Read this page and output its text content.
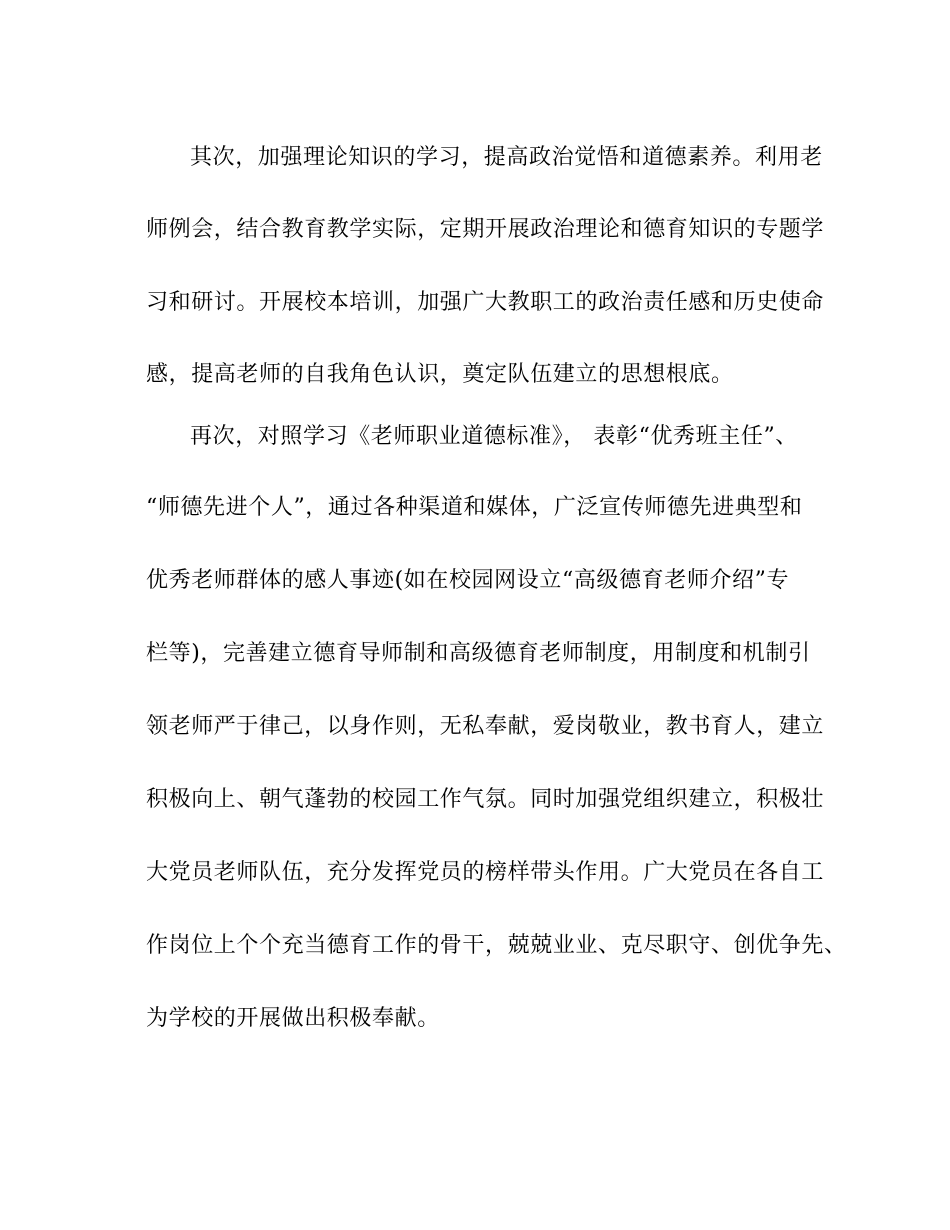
其次，加强理论知识的学习，提高政治觉悟和道德素养。利用老
师例会，结合教育教学实际，定期开展政治理论和德育知识的专题学
习和研讨。开展校本培训，加强广大教职工的政治责任感和历史使命
感，提高老师的自我角色认识，奠定队伍建立的思想根底。
再次，对照学习《老师职业道德标准》， 表彰“优秀班主任”、
“师德先进个人”，通过各种渠道和媒体，广泛宣传师德先进典型和
优秀老师群体的感人事迹(如在校园网设立“高级德育老师介绍”专
栏等)，完善建立德育导师制和高级德育老师制度，用制度和机制引
领老师严于律己，以身作则，无私奉献，爱岗敬业，教书育人，建立
积极向上、朝气蓬勃的校园工作气氛。同时加强党组织建立，积极壮
大党员老师队伍，充分发挥党员的榜样带头作用。广大党员在各自工
作岗位上个个充当德育工作的骨干，兢兢业业、克尽职守、创优争先、
为学校的开展做出积极奉献。
